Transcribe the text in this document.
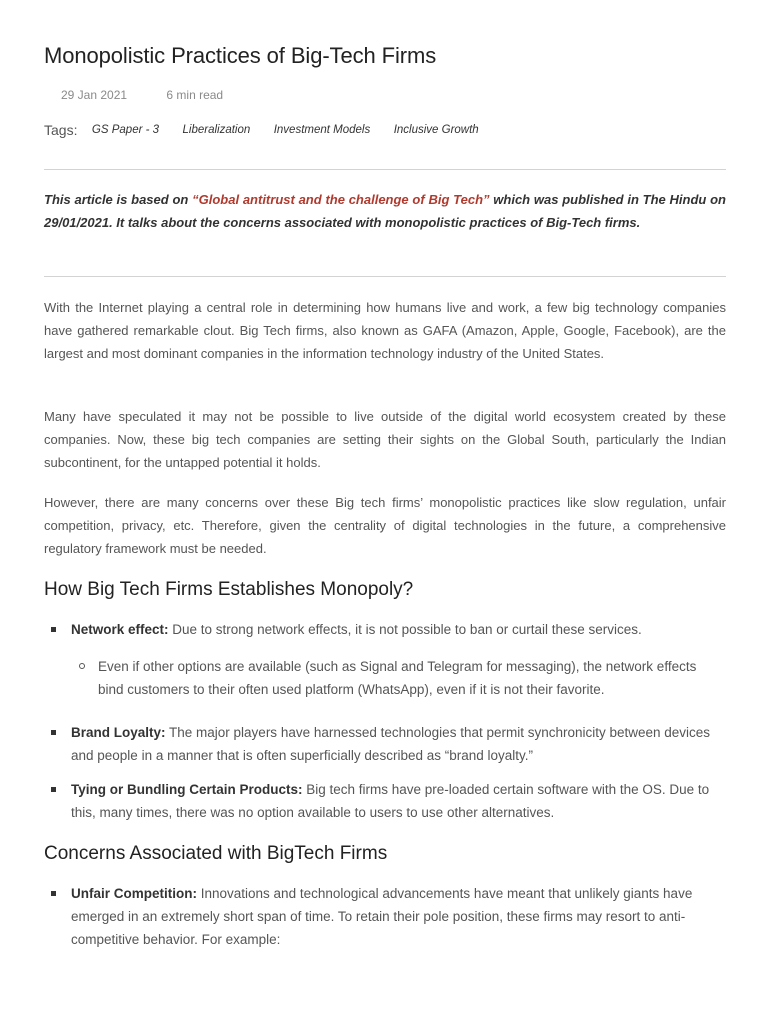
Monopolistic Practices of Big-Tech Firms
29 Jan 2021	6 min read
Tags: GS Paper - 3 Liberalization Investment Models Inclusive Growth

This article is based on “Global antitrust and the challenge of Big Tech” which was published in The Hindu on 29/01/2021. It talks about the concerns associated with monopolistic practices of Big-Tech firms.

With the Internet playing a central role in determining how humans live and work, a few big technology companies have gathered remarkable clout. Big Tech firms, also known as GAFA (Amazon, Apple, Google, Facebook), are the largest and most dominant companies in the information technology industry of the United States.

Many have speculated it may not be possible to live outside of the digital world ecosystem created by these companies. Now, these big tech companies are setting their sights on the Global South, particularly the Indian subcontinent, for the untapped potential it holds.

However, there are many concerns over these Big tech firms’ monopolistic practices like slow regulation, unfair competition, privacy, etc. Therefore, given the centrality of digital technologies in the future, a comprehensive regulatory framework must be needed.

How Big Tech Firms Establishes Monopoly?
Network effect: Due to strong network effects, it is not possible to ban or curtail these services.
Even if other options are available (such as Signal and Telegram for messaging), the network effects bind customers to their often used platform (WhatsApp), even if it is not their favorite.
Brand Loyalty: The major players have harnessed technologies that permit synchronicity between devices and people in a manner that is often superficially described as “brand loyalty.”
Tying or Bundling Certain Products: Big tech firms have pre-loaded certain software with the OS. Due to this, many times, there was no option available to users to use other alternatives.
Concerns Associated with BigTech Firms
Unfair Competition: Innovations and technological advancements have meant that unlikely giants have emerged in an extremely short span of time. To retain their pole position, these firms may resort to anti-competitive behavior. For example:
